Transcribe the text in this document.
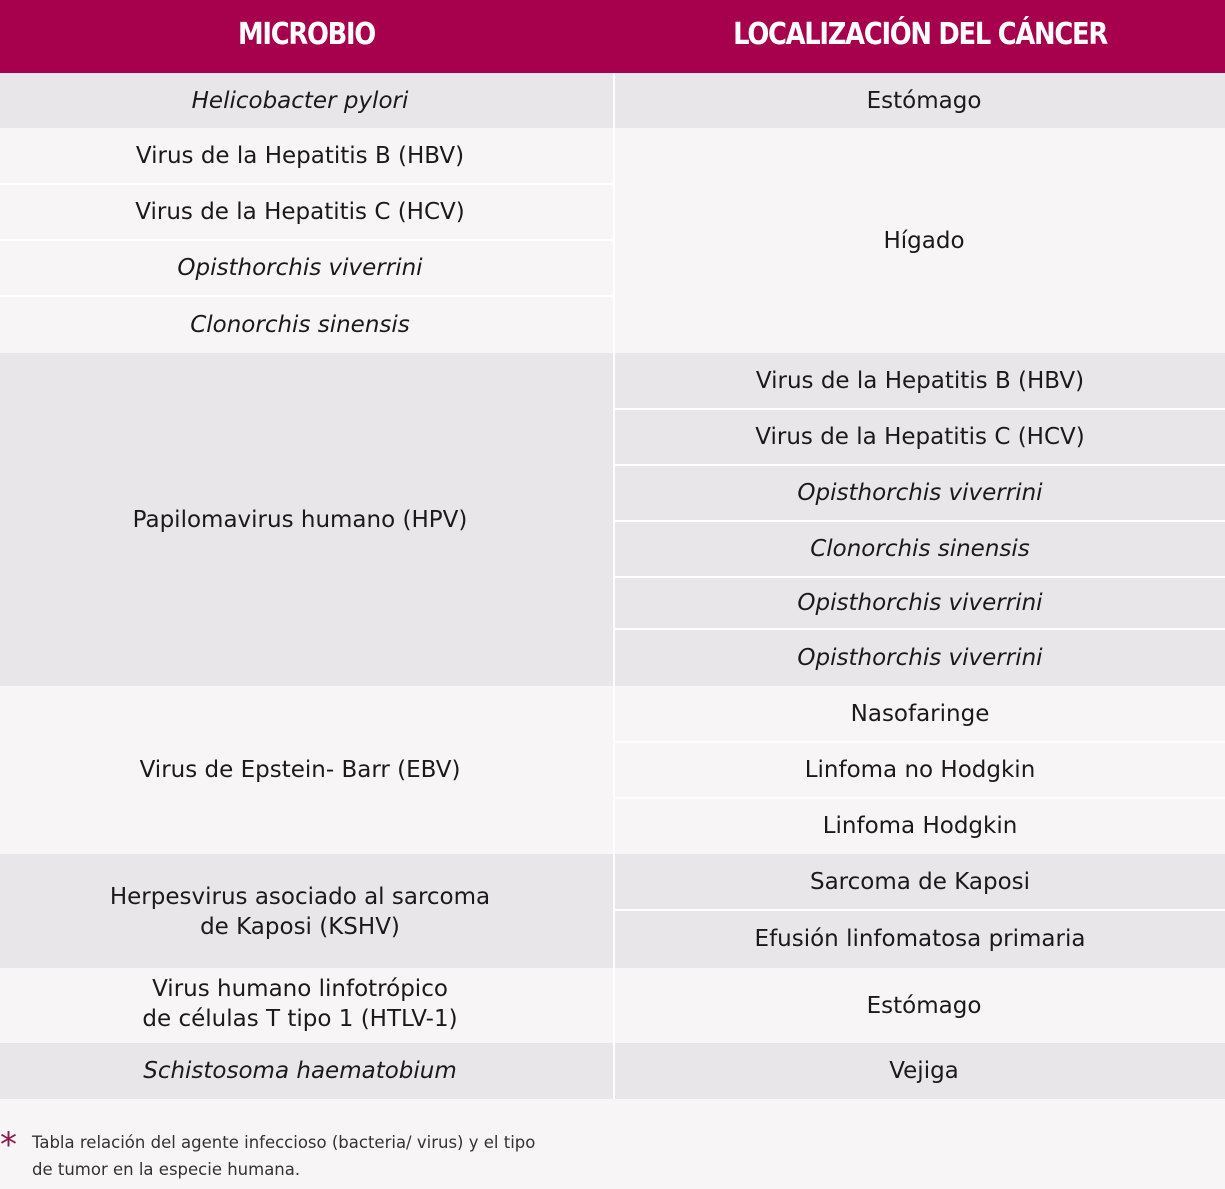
MICROBIO	LOCALIZACIÓN DEL CÁNCER
Helicobacter pylori
Virus de la Hepatitis B (HBV)
Virus de la Hepatitis C (HCV)
Opisthorchis viverrini
Clonorchis sinensis
Papilomavirus humano (HPV)
Virus de Epstein- Barr (EBV)
Herpesvirus asociado al sarcoma
de Kaposi (KSHV)
Virus humano linfotrópico
de células T tipo 1 (HTLV-1)
Schistosoma haematobium
Estómago
Hígado
Virus de la Hepatitis B (HBV)
Virus de la Hepatitis C (HCV)
Opisthorchis viverrini
Clonorchis sinensis
Opisthorchis viverrini
Opisthorchis viverrini
Nasofaringe
Linfoma no Hodgkin
Linfoma Hodgkin
Sarcoma de Kaposi
Efusión linfomatosa primaria
Estómago
Vejiga
* Tabla relación del agente infeccioso (bacteria/ virus) y el tipo
de tumor en la especie humana.
